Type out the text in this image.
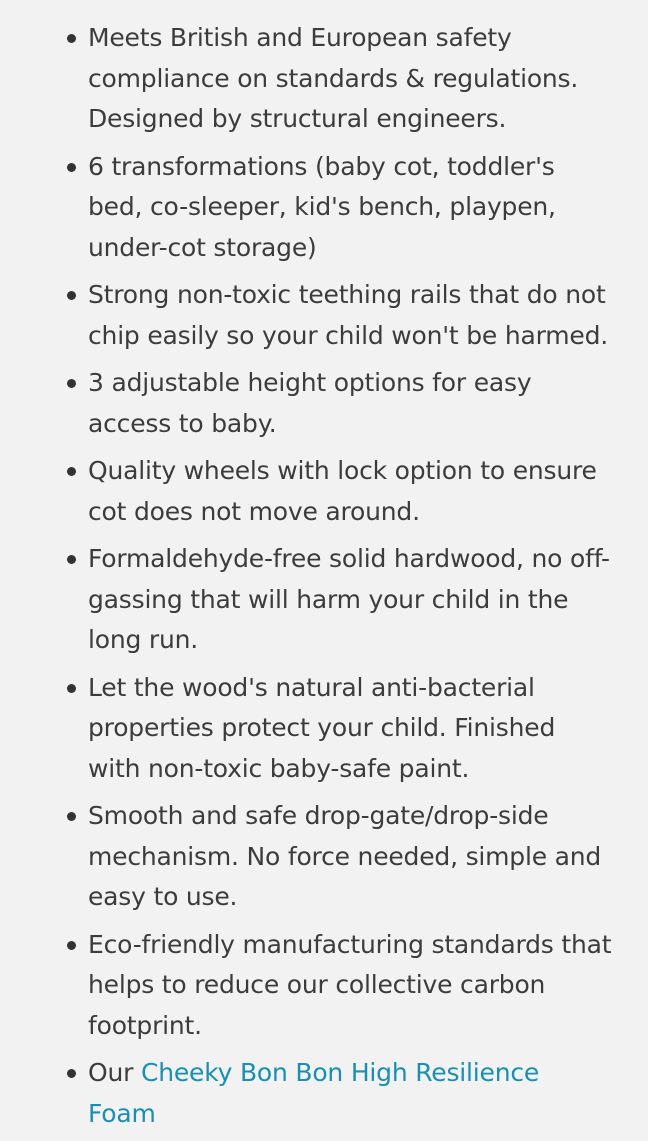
Meets British and European safety compliance on standards & regulations. Designed by structural engineers.
6 transformations (baby cot, toddler's bed, co-sleeper, kid's bench, playpen, under-cot storage)
Strong non-toxic teething rails that do not chip easily so your child won't be harmed.
3 adjustable height options for easy access to baby.
Quality wheels with lock option to ensure cot does not move around.
Formaldehyde-free solid hardwood, no off-gassing that will harm your child in the long run.
Let the wood's natural anti-bacterial properties protect your child. Finished with non-toxic baby-safe paint.
Smooth and safe drop-gate/drop-side mechanism. No force needed, simple and easy to use.
Eco-friendly manufacturing standards that helps to reduce our collective carbon footprint.
Our Cheeky Bon Bon High Resilience Foam
